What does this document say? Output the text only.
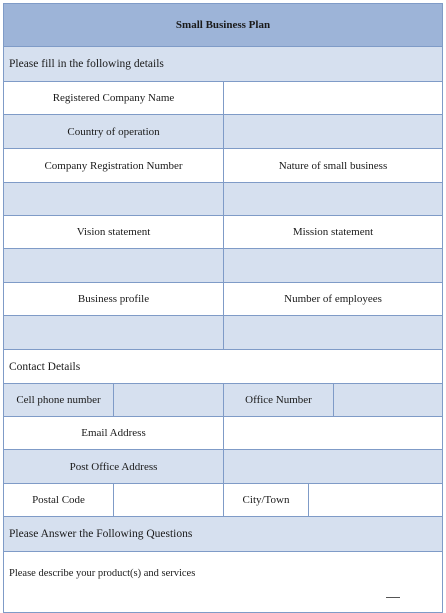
Small Business Plan
Please fill in the following details
Registered Company Name
Country of operation
Company Registration Number	Nature of small business
Vision statement	Mission statement
Business profile	Number of employees
Contact Details
Cell phone number	Office Number
Email Address
Post Office Address
Postal Code	City/Town
Please Answer the Following Questions
Please describe your product(s) and services
